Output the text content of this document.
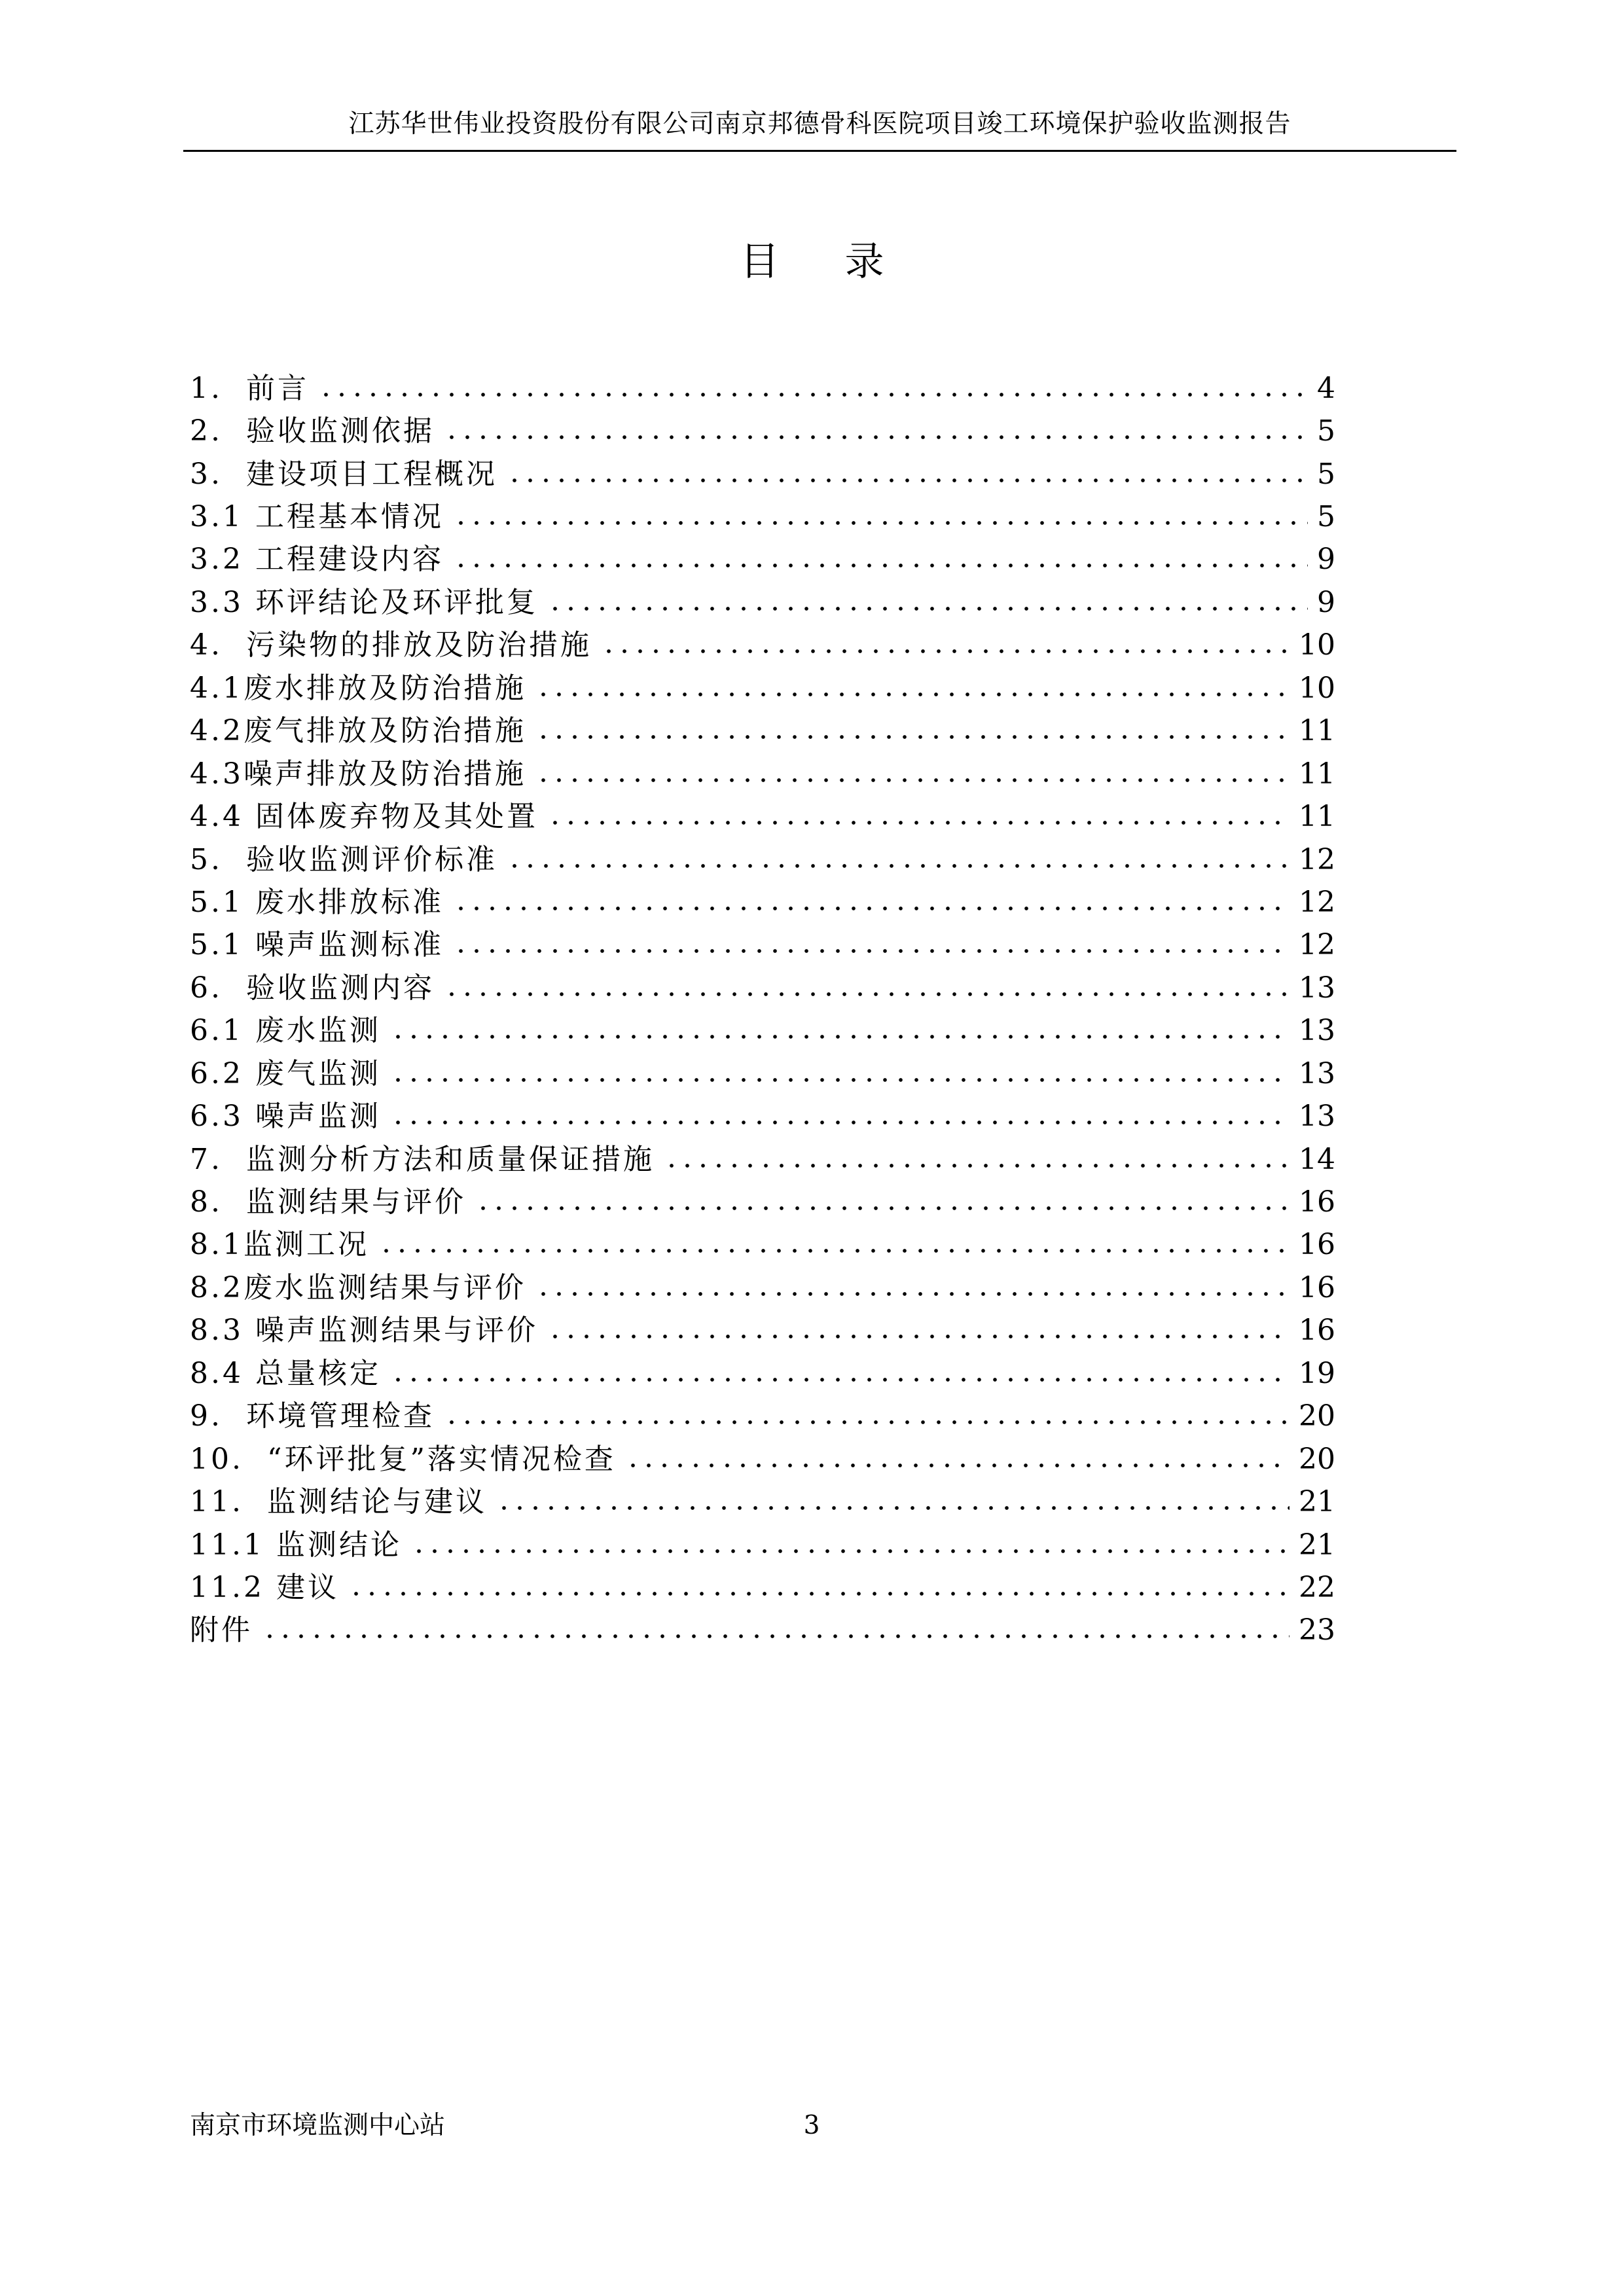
江苏华世伟业投资股份有限公司南京邦德骨科医院项目竣工环境保护验收监测报告
目 录
1.  前言	4
2.  验收监测依据	5
3.  建设项目工程概况	5
3.1 工程基本情况	5
3.2 工程建设内容	9
3.3 环评结论及环评批复	9
4.  污染物的排放及防治措施	10
4.1废水排放及防治措施	10
4.2废气排放及防治措施	11
4.3噪声排放及防治措施	11
4.4 固体废弃物及其处置	11
5.  验收监测评价标准	12
5.1 废水排放标准	12
5.1 噪声监测标准	12
6.  验收监测内容	13
6.1 废水监测	13
6.2 废气监测	13
6.3 噪声监测	13
7.  监测分析方法和质量保证措施	14
8.  监测结果与评价	16
8.1监测工况	16
8.2废水监测结果与评价	16
8.3 噪声监测结果与评价	16
8.4 总量核定	19
9.  环境管理检查	20
10.  “环评批复”落实情况检查	20
11.  监测结论与建议	21
11.1 监测结论	21
11.2 建议	22
附件	23
南京市环境监测中心站	3
